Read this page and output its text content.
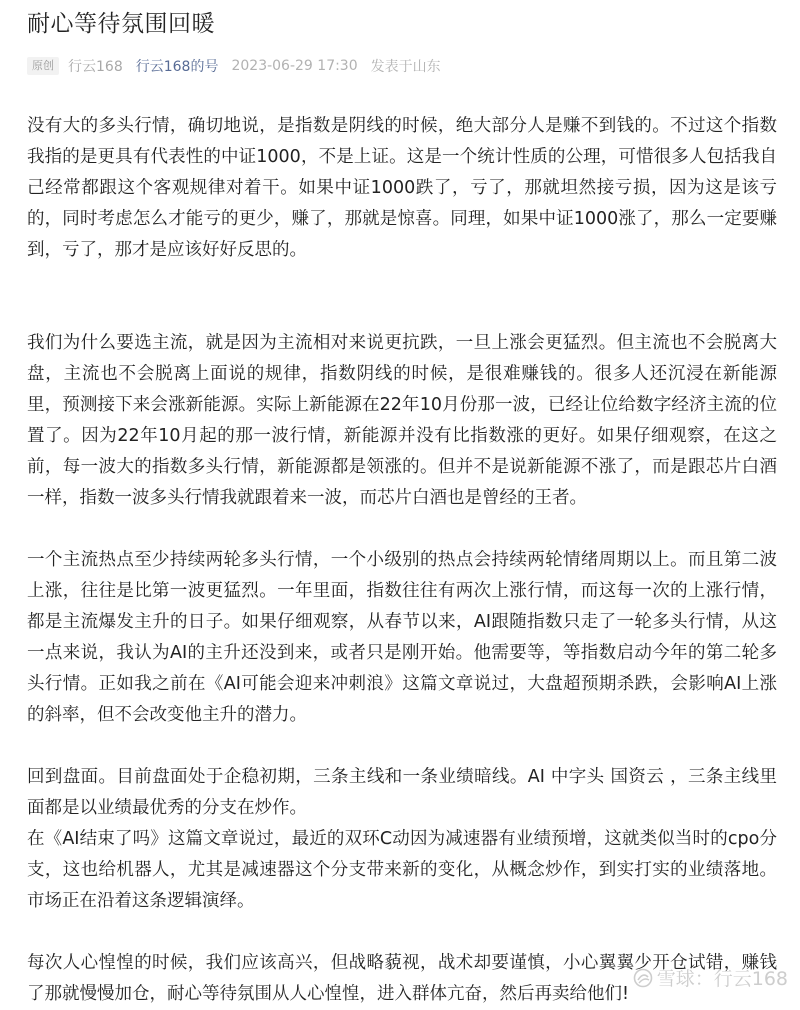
耐心等待氛围回暖
原创	行云168 行云168的号 2023-06-29 17:30 发表于山东

没有大的多头行情，确切地说，是指数是阴线的时候，绝大部分人是赚不到钱的。不过这个指数我指的是更具有代表性的中证1000，不是上证。这是一个统计性质的公理，可惜很多人包括我自己经常都跟这个客观规律对着干。如果中证1000跌了，亏了，那就坦然接亏损，因为这是该亏的，同时考虑怎么才能亏的更少，赚了，那就是惊喜。同理，如果中证1000涨了，那么一定要赚到，亏了，那才是应该好好反思的。

我们为什么要选主流，就是因为主流相对来说更抗跌，一旦上涨会更猛烈。但主流也不会脱离大盘，主流也不会脱离上面说的规律，指数阴线的时候，是很难赚钱的。很多人还沉浸在新能源里，预测接下来会涨新能源。实际上新能源在22年10月份那一波，已经让位给数字经济主流的位置了。因为22年10月起的那一波行情，新能源并没有比指数涨的更好。如果仔细观察，在这之前，每一波大的指数多头行情，新能源都是领涨的。但并不是说新能源不涨了，而是跟芯片白酒一样，指数一波多头行情我就跟着来一波，而芯片白酒也是曾经的王者。

一个主流热点至少持续两轮多头行情，一个小级别的热点会持续两轮情绪周期以上。而且第二波上涨，往往是比第一波更猛烈。一年里面，指数往往有两次上涨行情，而这每一次的上涨行情，都是主流爆发主升的日子。如果仔细观察，从春节以来，AI跟随指数只走了一轮多头行情，从这一点来说，我认为AI的主升还没到来，或者只是刚开始。他需要等，等指数启动今年的第二轮多头行情。正如我之前在《AI可能会迎来冲刺浪》这篇文章说过，大盘超预期杀跌，会影响AI上涨的斜率，但不会改变他主升的潜力。

回到盘面。目前盘面处于企稳初期，三条主线和一条业绩暗线。AI 中字头 国资云 ，三条主线里面都是以业绩最优秀的分支在炒作。

在《AI结束了吗》这篇文章说过，最近的双环C动因为减速器有业绩预增，这就类似当时的cpo分支，这也给机器人，尤其是减速器这个分支带来新的变化，从概念炒作，到实打实的业绩落地。市场正在沿着这条逻辑演绎。

每次人心惶惶的时候，我们应该高兴，但战略藐视，战术却要谨慎，小心翼翼少开仓试错，赚钱了那就慢慢加仓，耐心等待氛围从人心惶惶，进入群体亢奋，然后再卖给他们!

雪球 ： 行云168
